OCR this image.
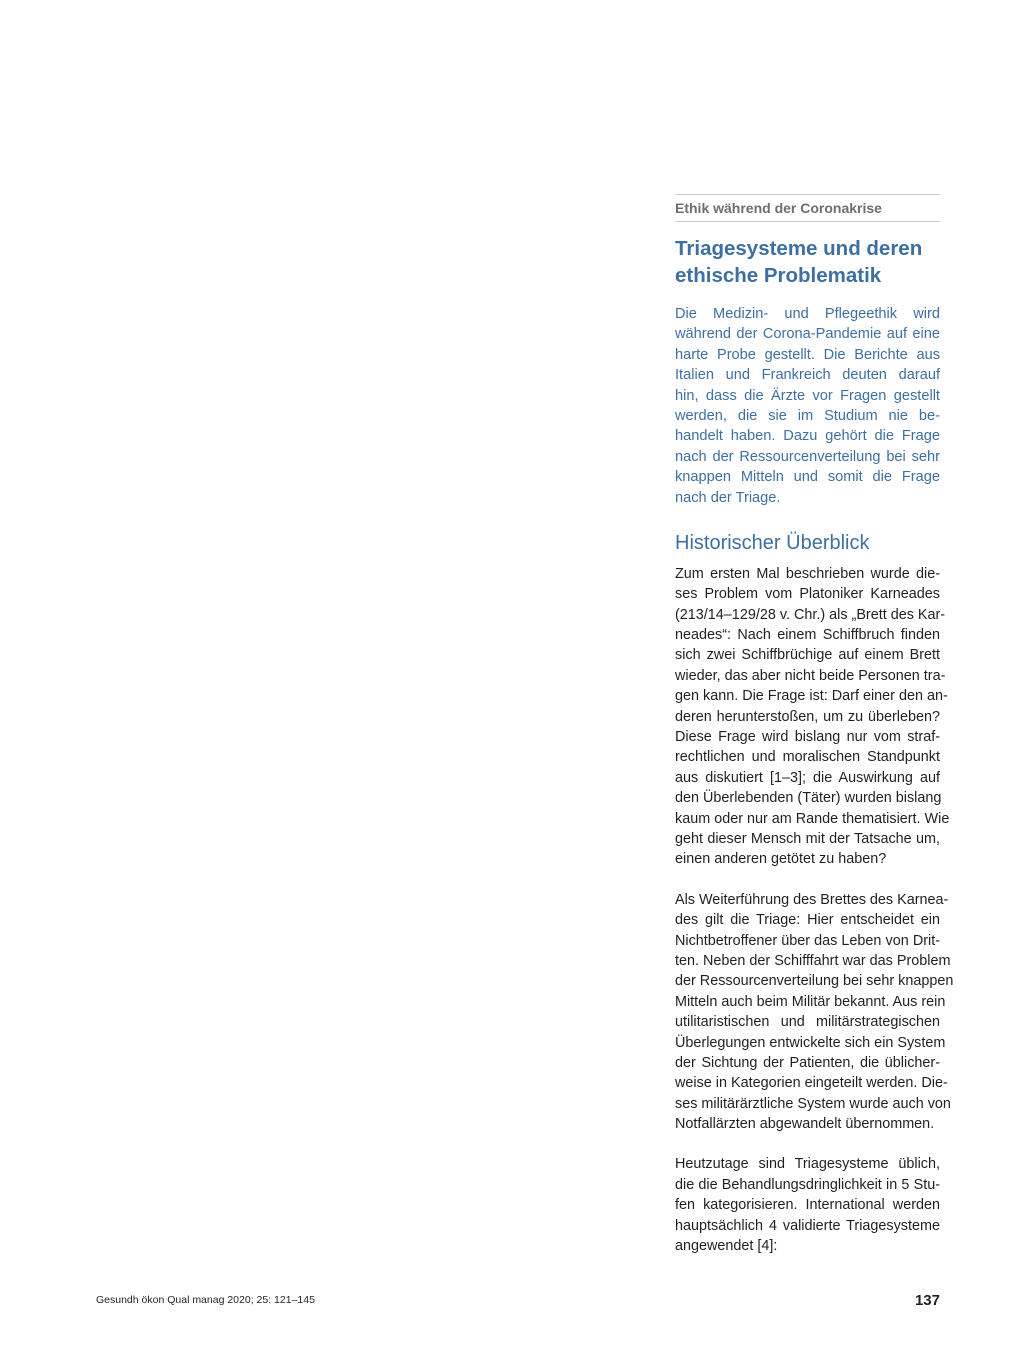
Ethik während der Coronakrise
Triagesysteme und deren
ethische Problematik
Die Medizin- und Pflegeethik wird
während der Corona-Pandemie auf eine
harte Probe gestellt. Die Berichte aus
Italien und Frankreich deuten darauf
hin, dass die Ärzte vor Fragen gestellt
werden, die sie im Studium nie be-
handelt haben. Dazu gehört die Frage
nach der Ressourcenverteilung bei sehr
knappen Mitteln und somit die Frage
nach der Triage.
Historischer Überblick
Zum ersten Mal beschrieben wurde die-
ses Problem vom Platoniker Karneades
(213/14–129/28 v. Chr.) als „Brett des Kar-
neades“: Nach einem Schiffbruch finden
sich zwei Schiffbrüchige auf einem Brett
wieder, das aber nicht beide Personen tra-
gen kann. Die Frage ist: Darf einer den an-
deren herunterstoßen, um zu überleben?
Diese Frage wird bislang nur vom straf-
rechtlichen und moralischen Standpunkt
aus diskutiert [1–3]; die Auswirkung auf
den Überlebenden (Täter) wurden bislang
kaum oder nur am Rande thematisiert. Wie
geht dieser Mensch mit der Tatsache um,
einen anderen getötet zu haben?
Als Weiterführung des Brettes des Karnea-
des gilt die Triage: Hier entscheidet ein
Nichtbetroffener über das Leben von Drit-
ten. Neben der Schifffahrt war das Problem
der Ressourcenverteilung bei sehr knappen
Mitteln auch beim Militär bekannt. Aus rein
utilitaristischen und militärstrategischen
Überlegungen entwickelte sich ein System
der Sichtung der Patienten, die üblicher-
weise in Kategorien eingeteilt werden. Die-
ses militärärztliche System wurde auch von
Notfallärzten abgewandelt übernommen.
Heutzutage sind Triagesysteme üblich,
die die Behandlungsdringlichkeit in 5 Stu-
fen kategorisieren. International werden
hauptsächlich 4 validierte Triagesysteme
angewendet [4]:
Gesundh ökon Qual manag 2020; 25: 121–145	137
